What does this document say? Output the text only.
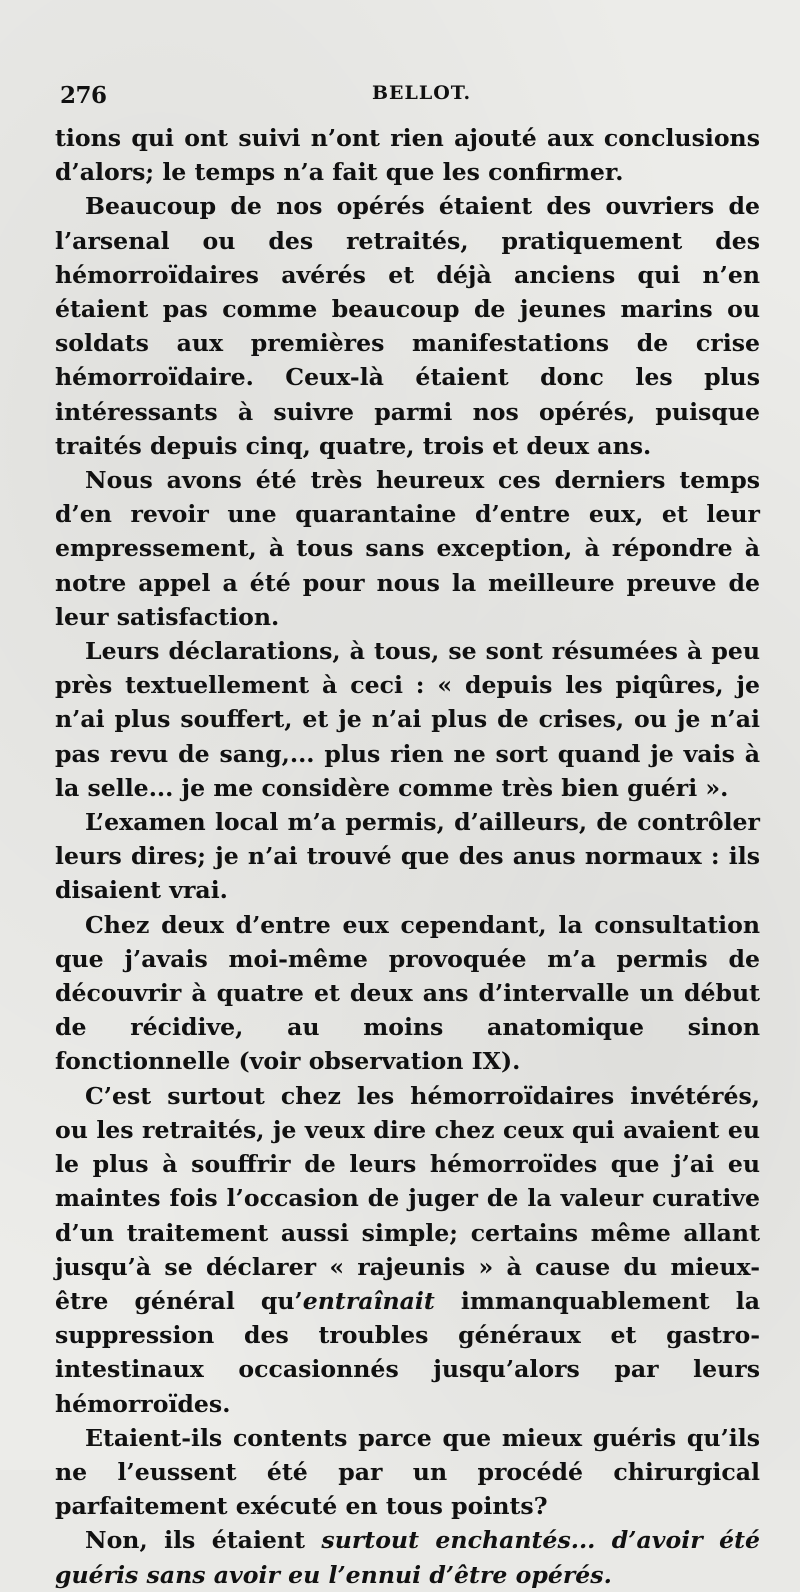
276	BELLOT.

tions qui ont suivi n’ont rien ajouté aux conclusions d’alors; le temps n’a fait que les confirmer.

Beaucoup de nos opérés étaient des ouvriers de l’arsenal ou des retraités, pratiquement des hémorroïdaires avérés et déjà anciens qui n’en étaient pas comme beaucoup de jeunes marins ou soldats aux premières manifestations de crise hémorroïdaire. Ceux-là étaient donc les plus intéressants à suivre parmi nos opérés, puisque traités depuis cinq, quatre, trois et deux ans.

Nous avons été très heureux ces derniers temps d’en revoir une quarantaine d’entre eux, et leur empressement, à tous sans exception, à répondre à notre appel a été pour nous la meilleure preuve de leur satisfaction.

Leurs déclarations, à tous, se sont résumées à peu près textuellement à ceci : « depuis les piqûres, je n’ai plus souffert, et je n’ai plus de crises, ou je n’ai pas revu de sang,... plus rien ne sort quand je vais à la selle... je me considère comme très bien guéri ».

L’examen local m’a permis, d’ailleurs, de contrôler leurs dires; je n’ai trouvé que des anus normaux : ils disaient vrai.

Chez deux d’entre eux cependant, la consultation que j’avais moi-même provoquée m’a permis de découvrir à quatre et deux ans d’intervalle un début de récidive, au moins anatomique sinon fonctionnelle (voir observation IX).

C’est surtout chez les hémorroïdaires invétérés, ou les retraités, je veux dire chez ceux qui avaient eu le plus à souffrir de leurs hémorroïdes que j’ai eu maintes fois l’occasion de juger de la valeur curative d’un traitement aussi simple; certains même allant jusqu’à se déclarer « rajeunis » à cause du mieux-être général qu’entraînait immanquablement la suppression des troubles généraux et gastro-intestinaux occasionnés jusqu’alors par leurs hémorroïdes.

Etaient-ils contents parce que mieux guéris qu’ils ne l’eussent été par un procédé chirurgical parfaitement exécuté en tous points?

Non, ils étaient surtout enchantés... d’avoir été guéris sans avoir eu l’ennui d’être opérés.
